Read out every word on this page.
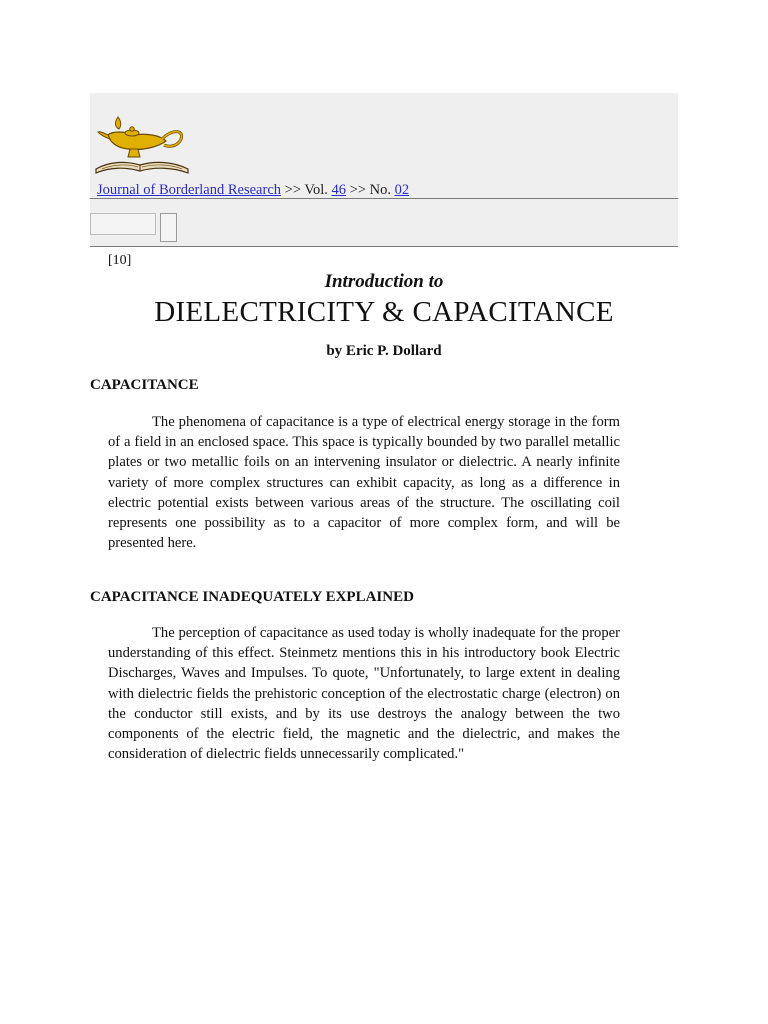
Journal of Borderland Research >> Vol. 46 >> No. 02
[10]
Introduction to
DIELECTRICITY & CAPACITANCE
by Eric P. Dollard
CAPACITANCE

The phenomena of capacitance is a type of electrical energy storage in the form of a field in an enclosed space. This space is typically bounded by two parallel metallic plates or two metallic foils on an intervening insulator or dielectric. A nearly infinite variety of more complex structures can exhibit capacity, as long as a difference in electric potential exists between various areas of the structure. The oscillating coil represents one possibility as to a capacitor of more complex form, and will be presented here.

CAPACITANCE INADEQUATELY EXPLAINED

The perception of capacitance as used today is wholly inadequate for the proper understanding of this effect. Steinmetz mentions this in his introductory book Electric Discharges, Waves and Impulses. To quote, "Unfortunately, to large extent in dealing with dielectric fields the prehistoric conception of the electrostatic charge (electron) on the conductor still exists, and by its use destroys the analogy between the two components of the electric field, the magnetic and the dielectric, and makes the consideration of dielectric fields unnecessarily complicated."
